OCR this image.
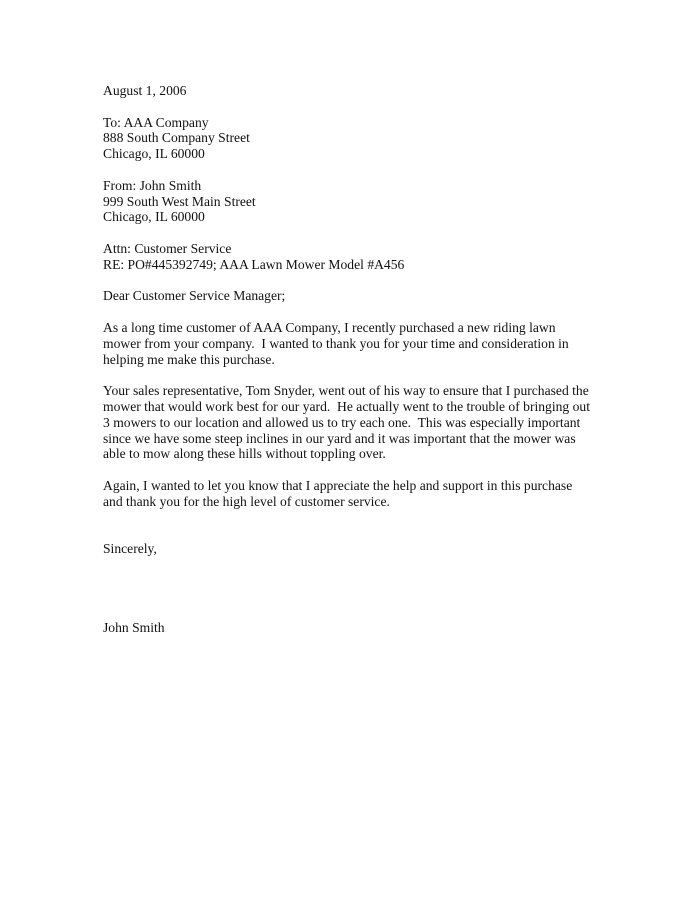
August 1, 2006
To: AAA Company
888 South Company Street
Chicago, IL 60000
From: John Smith
999 South West Main Street
Chicago, IL 60000
Attn: Customer Service
RE: PO#445392749; AAA Lawn Mower Model #A456
Dear Customer Service Manager;
As a long time customer of AAA Company, I recently purchased a new riding lawn
mower from your company.  I wanted to thank you for your time and consideration in
helping me make this purchase.
Your sales representative, Tom Snyder, went out of his way to ensure that I purchased the
mower that would work best for our yard.  He actually went to the trouble of bringing out
3 mowers to our location and allowed us to try each one.  This was especially important
since we have some steep inclines in our yard and it was important that the mower was
able to mow along these hills without toppling over.
Again, I wanted to let you know that I appreciate the help and support in this purchase
and thank you for the high level of customer service.
Sincerely,
John Smith
